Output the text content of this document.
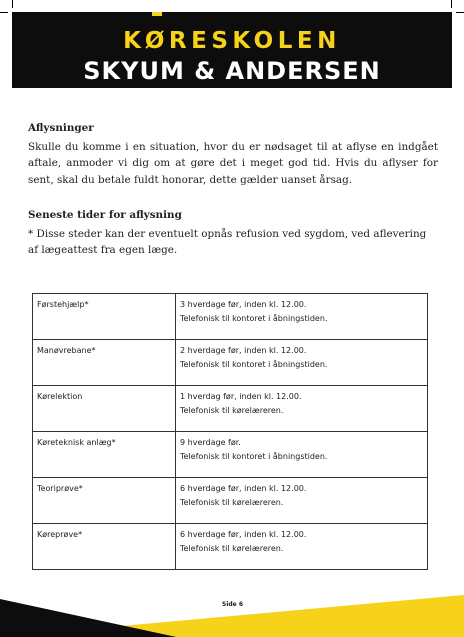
KØRESKOLEN
SKYUM & ANDERSEN

Aflysninger

Skulle du komme i en situation, hvor du er nødsaget til at aflyse en indgået aftale, anmoder vi dig om at gøre det i meget god tid. Hvis du aflyser for sent, skal du betale fuldt honorar, dette gælder uanset årsag.

Seneste tider for aflysning

* Disse steder kan der eventuelt opnås refusion ved sygdom, ved aflevering af lægeattest fra egen læge.

Førstehjælp*	3 hverdage før, inden kl. 12.00.
Telefonisk til kontoret i åbningstiden.

Manøvrebane*	2 hverdage før, inden kl. 12.00.
Telefonisk til kontoret i åbningstiden.

Kørelektion	1 hverdag før, inden kl. 12.00.
Telefonisk til kørelæreren.

Køreteknisk anlæg*	9 hverdage før.
Telefonisk til kontoret i åbningstiden.

Teoriprøve*	6 hverdage før, inden kl. 12.00.
Telefonisk til kørelæreren.

Køreprøve*	6 hverdage før, inden kl. 12.00.
Telefonisk til kørelæreren.
Side 6
